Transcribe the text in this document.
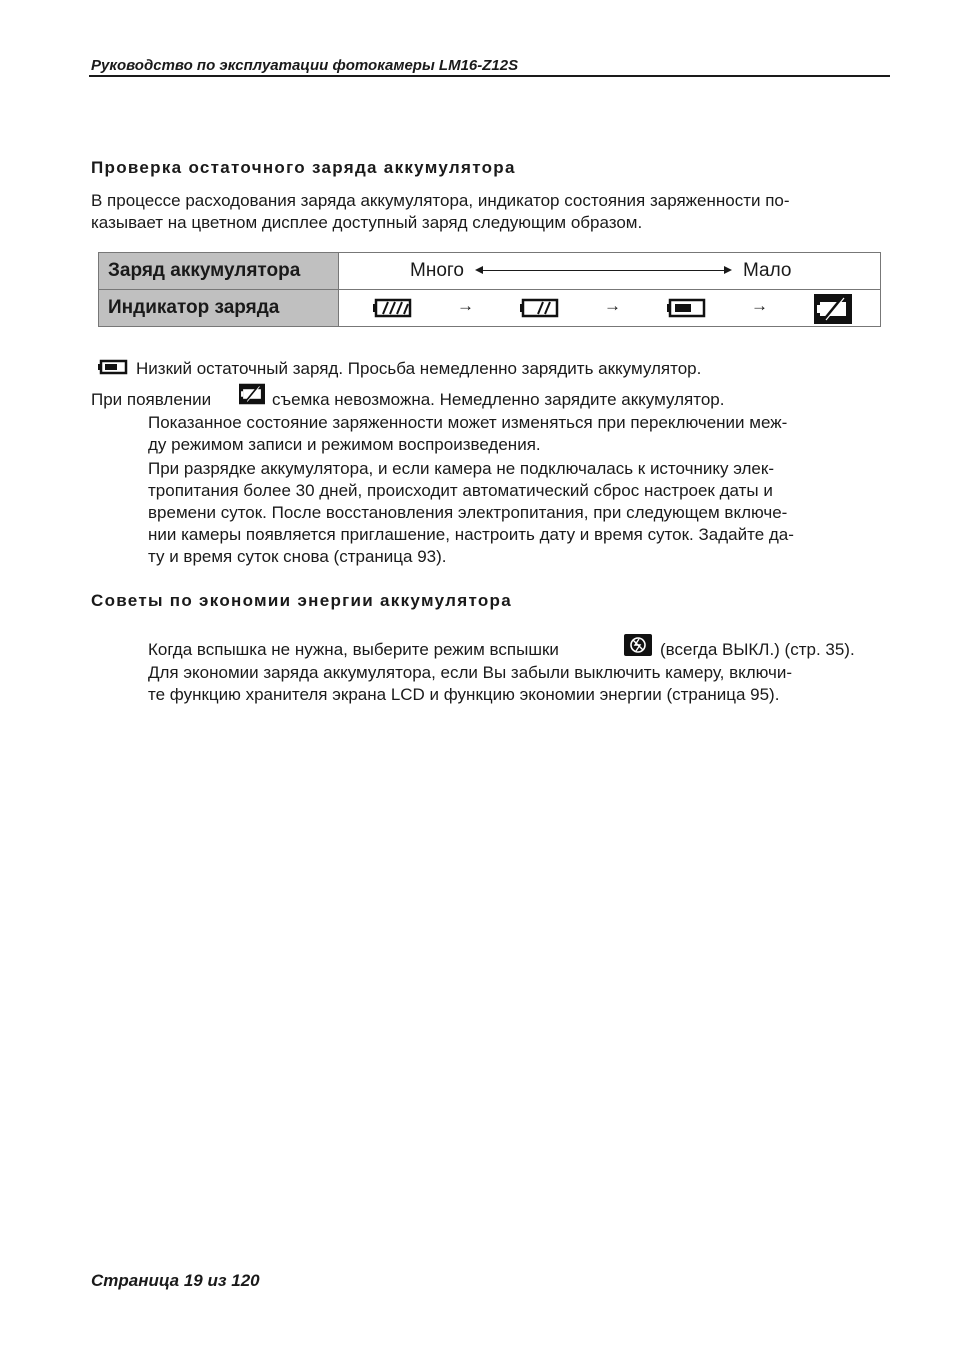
Руководство по эксплуатации фотокамеры LM16-Z12S
Проверка остаточного заряда аккумулятора
В процессе расходования заряда аккумулятора, индикатор состояния заряженности по-
казывает на цветном дисплее доступный заряд следующим образом.
Заряд аккумулятора	Много Мало

Индикатор заряда	→ → →
Низкий остаточный заряд. Просьба немедленно зарядить аккумулятор.
При появлении	съемка невозможна. Немедленно зарядите аккумулятор.
Показанное состояние заряженности может изменяться при переключении меж-
ду режимом записи и режимом воспроизведения.
При разрядке аккумулятора, и если камера не подключалась к источнику элек-
тропитания более 30 дней, происходит автоматический сброс настроек даты и
времени суток. После восстановления электропитания, при следующем включе-
нии камеры появляется приглашение, настроить дату и время суток. Задайте да-
ту и время суток снова (страница 93).
Советы по экономии энергии аккумулятора
Когда вспышка не нужна, выберите режим вспышки	(всегда ВЫКЛ.) (стр. 35).
Для экономии заряда аккумулятора, если Вы забыли выключить камеру, включи-
те функцию хранителя экрана LCD и функцию экономии энергии (страница 95).
Страница 19 из 120
